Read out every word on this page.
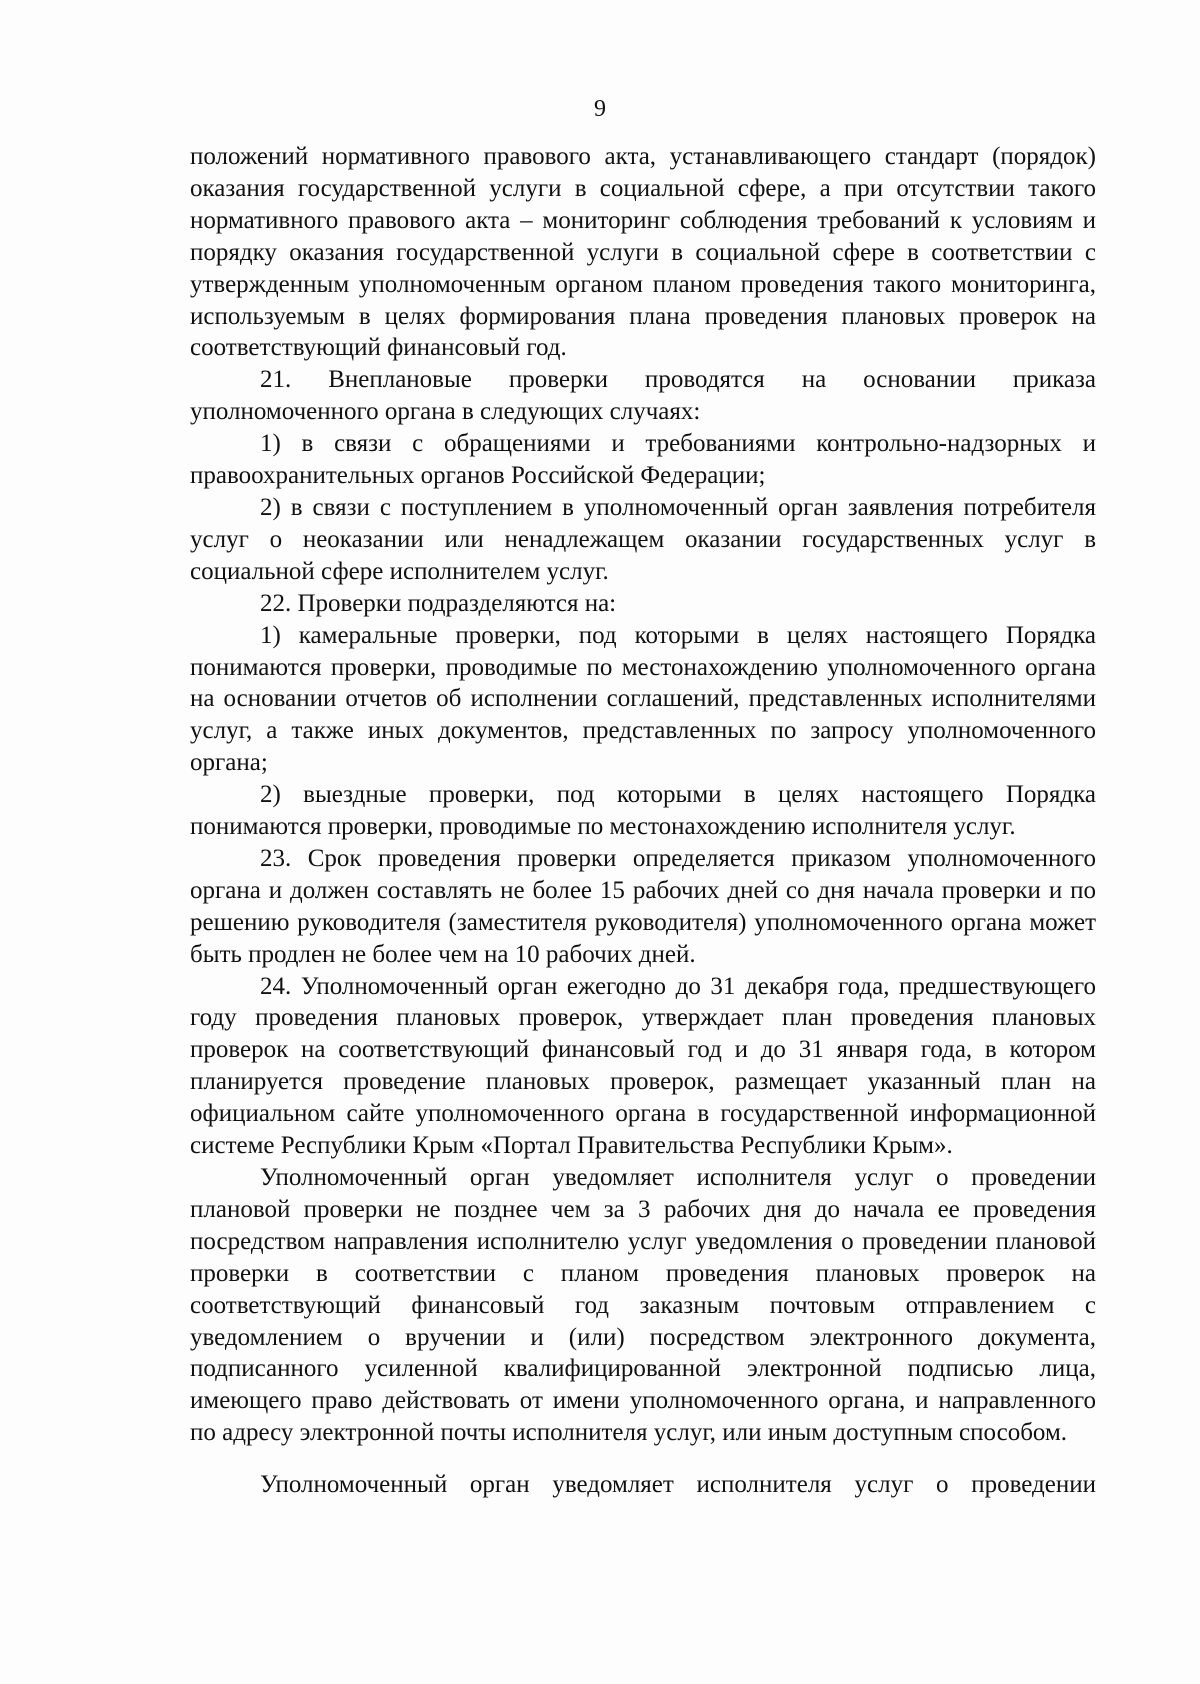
9

положений нормативного правового акта, устанавливающего стандарт (порядок) оказания государственной услуги в социальной сфере, а при отсутствии такого нормативного правового акта – мониторинг соблюдения требований к условиям и порядку оказания государственной услуги в социальной сфере в соответствии с утвержденным уполномоченным органом планом проведения такого мониторинга, используемым в целях формирования плана проведения плановых проверок на соответствующий финансовый год.

21. Внеплановые проверки проводятся на основании приказа уполномоченного органа в следующих случаях:

1) в связи с обращениями и требованиями контрольно-надзорных и правоохранительных органов Российской Федерации;

2) в связи с поступлением в уполномоченный орган заявления потребителя услуг о неоказании или ненадлежащем оказании государственных услуг в социальной сфере исполнителем услуг.

22. Проверки подразделяются на:

1) камеральные проверки, под которыми в целях настоящего Порядка понимаются проверки, проводимые по местонахождению уполномоченного органа на основании отчетов об исполнении соглашений, представленных исполнителями услуг, а также иных документов, представленных по запросу уполномоченного органа;

2) выездные проверки, под которыми в целях настоящего Порядка понимаются проверки, проводимые по местонахождению исполнителя услуг.

23. Срок проведения проверки определяется приказом уполномоченного органа и должен составлять не более 15 рабочих дней со дня начала проверки и по решению руководителя (заместителя руководителя) уполномоченного органа может быть продлен не более чем на 10 рабочих дней.

24. Уполномоченный орган ежегодно до 31 декабря года, предшествующего году проведения плановых проверок, утверждает план проведения плановых проверок на соответствующий финансовый год и до 31 января года, в котором планируется проведение плановых проверок, размещает указанный план на официальном сайте уполномоченного органа в государственной информационной системе Республики Крым «Портал Правительства Республики Крым».

Уполномоченный орган уведомляет исполнителя услуг о проведении плановой проверки не позднее чем за 3 рабочих дня до начала ее проведения посредством направления исполнителю услуг уведомления о проведении плановой проверки в соответствии с планом проведения плановых проверок на соответствующий финансовый год заказным почтовым отправлением с уведомлением о вручении и (или) посредством электронного документа, подписанного усиленной квалифицированной электронной подписью лица, имеющего право действовать от имени уполномоченного органа, и направленного по адресу электронной почты исполнителя услуг, или иным доступным способом.

Уполномоченный орган уведомляет исполнителя услуг о проведении
